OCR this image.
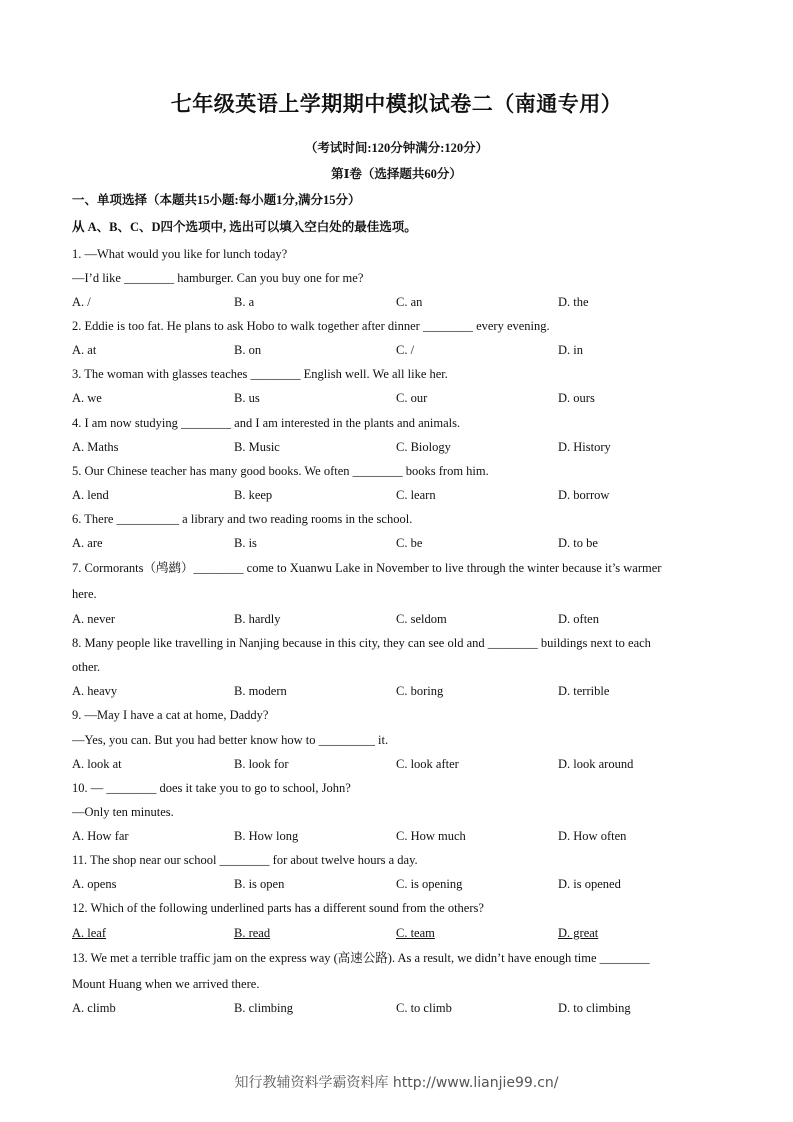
七年级英语上学期期中模拟试卷二（南通专用）
（考试时间:120分钟满分:120分）
第Ⅰ卷（选择题共60分）
一、单项选择（本题共15小题:每小题1分,满分15分）
从 A、B、C、D四个选项中, 选出可以填入空白处的最佳选项。
1. —What would you like for lunch today?
—I’d like ________ hamburger. Can you buy one for me?
A. /	B. a	C. an	D. the
2. Eddie is too fat. He plans to ask Hobo to walk together after dinner ________ every evening.
A. at	B. on	C. /	D. in
3. The woman with glasses teaches ________ English well. We all like her.
A. we	B. us	C. our	D. ours
4. I am now studying ________ and I am interested in the plants and animals.
A. Maths	B. Music	C. Biology	D. History
5. Our Chinese teacher has many good books. We often ________ books from him.
A. lend	B. keep	C. learn	D. borrow
6. There __________ a library and two reading rooms in the school.
A. are	B. is	C. be	D. to be
7. Cormorants（鸬鹚）________ come to Xuanwu Lake in November to live through the winter because it’s warmer
here.
A. never	B. hardly	C. seldom	D. often
8. Many people like travelling in Nanjing because in this city, they can see old and ________ buildings next to each
other.
A. heavy	B. modern	C. boring	D. terrible
9. —May I have a cat at home, Daddy?
—Yes, you can. But you had better know how to _________ it.
A. look at	B. look for	C. look after	D. look around
10. — ________ does it take you to go to school, John?
—Only ten minutes.
A. How far	B. How long	C. How much	D. How often
11. The shop near our school ________ for about twelve hours a day.
A. opens	B. is open	C. is opening	D. is opened
12. Which of the following underlined parts has a different sound from the others?
A. leaf	B. read	C. team	D. great
13. We met a terrible traffic jam on the express way (高速公路). As a result, we didn’t have enough time ________
Mount Huang when we arrived there.
A. climb	B. climbing	C. to climb	D. to climbing
知行教辅资料学霸资料库 http://www.lianjie99.cn/
